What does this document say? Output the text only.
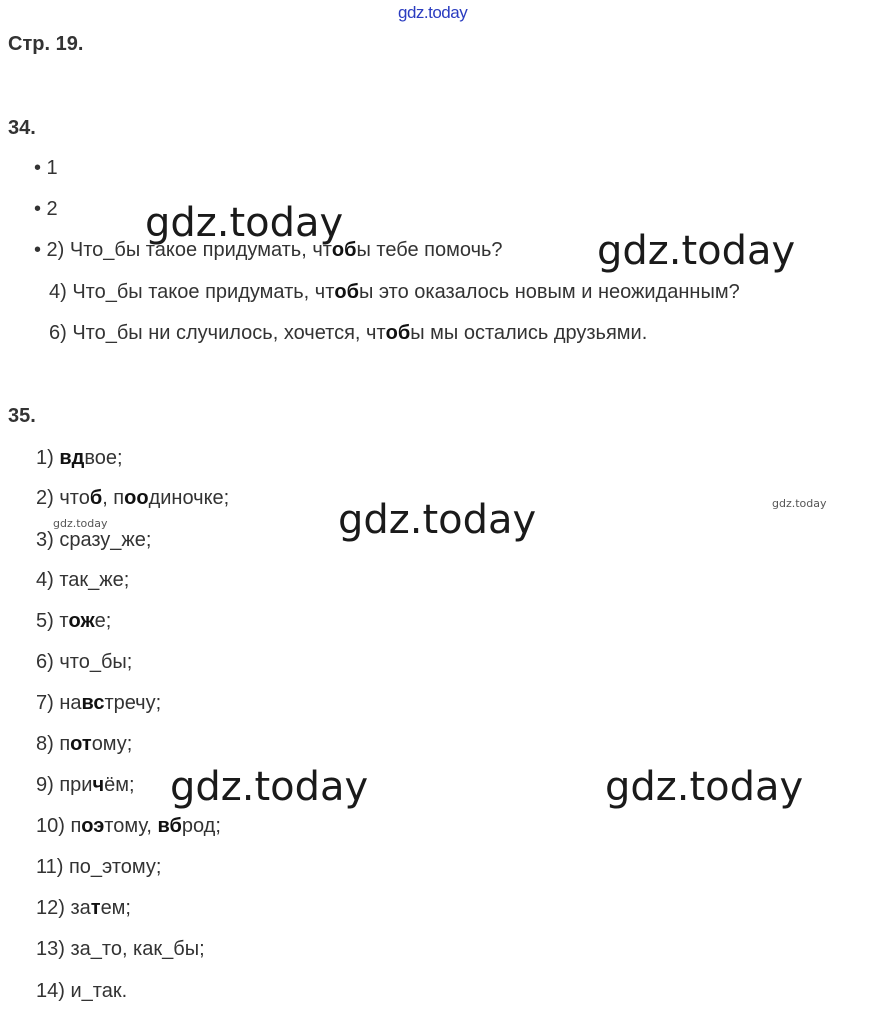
gdz.today
Стр. 19.
34.
• 1
• 2
• 2) Что_бы такое придумать, чтобы тебе помочь?
4) Что_бы такое придумать, чтобы это оказалось новым и неожиданным?
6) Что_бы ни случилось, хочется, чтобы мы остались друзьями.
35.
1) вдвое;
2) чтоб, поодиночке;
3) сразу_же;
4) так_же;
5) тоже;
6) что_бы;
7) навстречу;
8) потому;
9) причём;
10) поэтому, вброд;
11) по_этому;
12) затем;
13) за_то, как_бы;
14) и_так.
gdz.today
gdz.today
gdz.today
gdz.today	gdz.today
gdz.today
gdz.today
